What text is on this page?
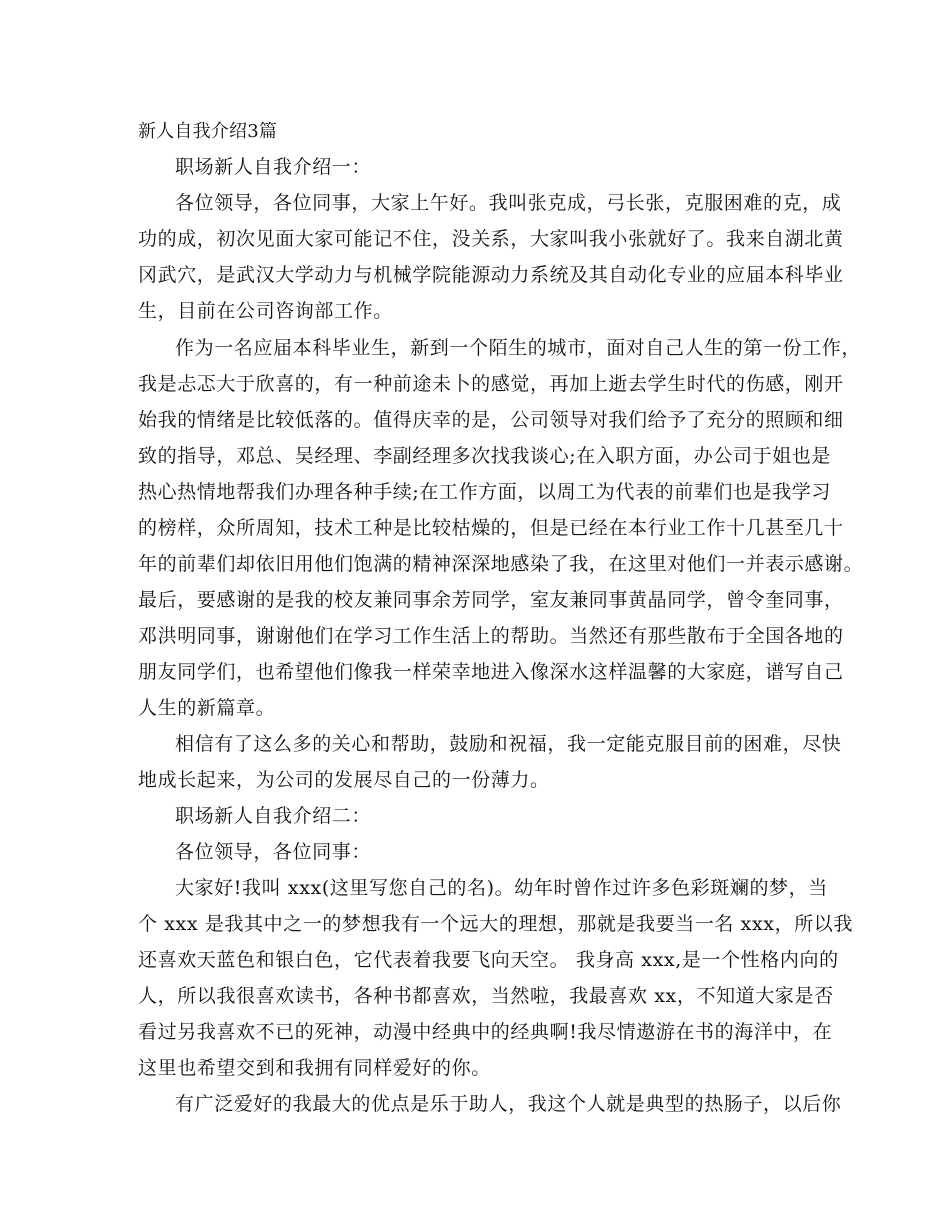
新人自我介绍3篇
职场新人自我介绍一：
各位领导，各位同事，大家上午好。我叫张克成，弓长张，克服困难的克，成
功的成，初次见面大家可能记不住，没关系，大家叫我小张就好了。我来自湖北黄
冈武穴，是武汉大学动力与机械学院能源动力系统及其自动化专业的应届本科毕业
生，目前在公司咨询部工作。
作为一名应届本科毕业生，新到一个陌生的城市，面对自己人生的第一份工作，
我是忐忑大于欣喜的，有一种前途未卜的感觉，再加上逝去学生时代的伤感，刚开
始我的情绪是比较低落的。值得庆幸的是，公司领导对我们给予了充分的照顾和细
致的指导，邓总、吴经理、李副经理多次找我谈心;在入职方面，办公司于姐也是
热心热情地帮我们办理各种手续;在工作方面，以周工为代表的前辈们也是我学习
的榜样，众所周知，技术工种是比较枯燥的，但是已经在本行业工作十几甚至几十
年的前辈们却依旧用他们饱满的精神深深地感染了我，在这里对他们一并表示感谢。
最后，要感谢的是我的校友兼同事余芳同学，室友兼同事黄晶同学，曾令奎同事，
邓洪明同事，谢谢他们在学习工作生活上的帮助。当然还有那些散布于全国各地的
朋友同学们，也希望他们像我一样荣幸地进入像深水这样温馨的大家庭，谱写自己
人生的新篇章。
相信有了这么多的关心和帮助，鼓励和祝福，我一定能克服目前的困难，尽快
地成长起来，为公司的发展尽自己的一份薄力。
职场新人自我介绍二：
各位领导，各位同事：
大家好!我叫 xxx(这里写您自己的名)。幼年时曾作过许多色彩斑斓的梦，当
个 xxx 是我其中之一的梦想我有一个远大的理想，那就是我要当一名 xxx，所以我
还喜欢天蓝色和银白色，它代表着我要飞向天空。 我身高 xxx,是一个性格内向的
人，所以我很喜欢读书，各种书都喜欢，当然啦，我最喜欢 xx，不知道大家是否
看过另我喜欢不已的死神，动漫中经典中的经典啊!我尽情遨游在书的海洋中，在
这里也希望交到和我拥有同样爱好的你。
有广泛爱好的我最大的优点是乐于助人，我这个人就是典型的热肠子，以后你
